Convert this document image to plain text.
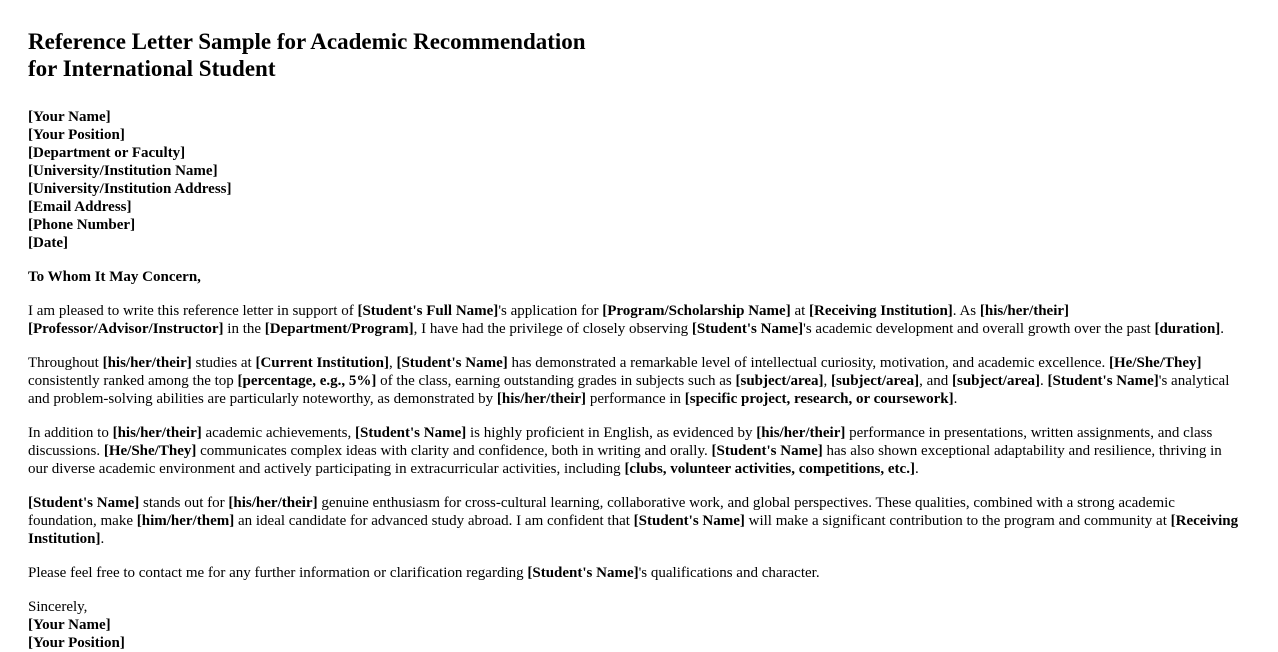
Reference Letter Sample for Academic Recommendation
for International Student
[Your Name]
[Your Position]
[Department or Faculty]
[University/Institution Name]
[University/Institution Address]
[Email Address]
[Phone Number]
[Date]

To Whom It May Concern,

I am pleased to write this reference letter in support of [Student's Full Name]'s application for [Program/Scholarship Name] at [Receiving Institution]. As [his/her/their] [Professor/Advisor/Instructor] in the [Department/Program], I have had the privilege of closely observing [Student's Name]'s academic development and overall growth over the past [duration].

Throughout [his/her/their] studies at [Current Institution], [Student's Name] has demonstrated a remarkable level of intellectual curiosity, motivation, and academic excellence. [He/She/They] consistently ranked among the top [percentage, e.g., 5%] of the class, earning outstanding grades in subjects such as [subject/area], [subject/area], and [subject/area]. [Student's Name]'s analytical and problem-solving abilities are particularly noteworthy, as demonstrated by [his/her/their] performance in [specific project, research, or coursework].

In addition to [his/her/their] academic achievements, [Student's Name] is highly proficient in English, as evidenced by [his/her/their] performance in presentations, written assignments, and class discussions. [He/She/They] communicates complex ideas with clarity and confidence, both in writing and orally. [Student's Name] has also shown exceptional adaptability and resilience, thriving in our diverse academic environment and actively participating in extracurricular activities, including [clubs, volunteer activities, competitions, etc.].

[Student's Name] stands out for [his/her/their] genuine enthusiasm for cross-cultural learning, collaborative work, and global perspectives. These qualities, combined with a strong academic foundation, make [him/her/them] an ideal candidate for advanced study abroad. I am confident that [Student's Name] will make a significant contribution to the program and community at [Receiving Institution].

Please feel free to contact me for any further information or clarification regarding [Student's Name]'s qualifications and character.

Sincerely,
[Your Name]
[Your Position]
